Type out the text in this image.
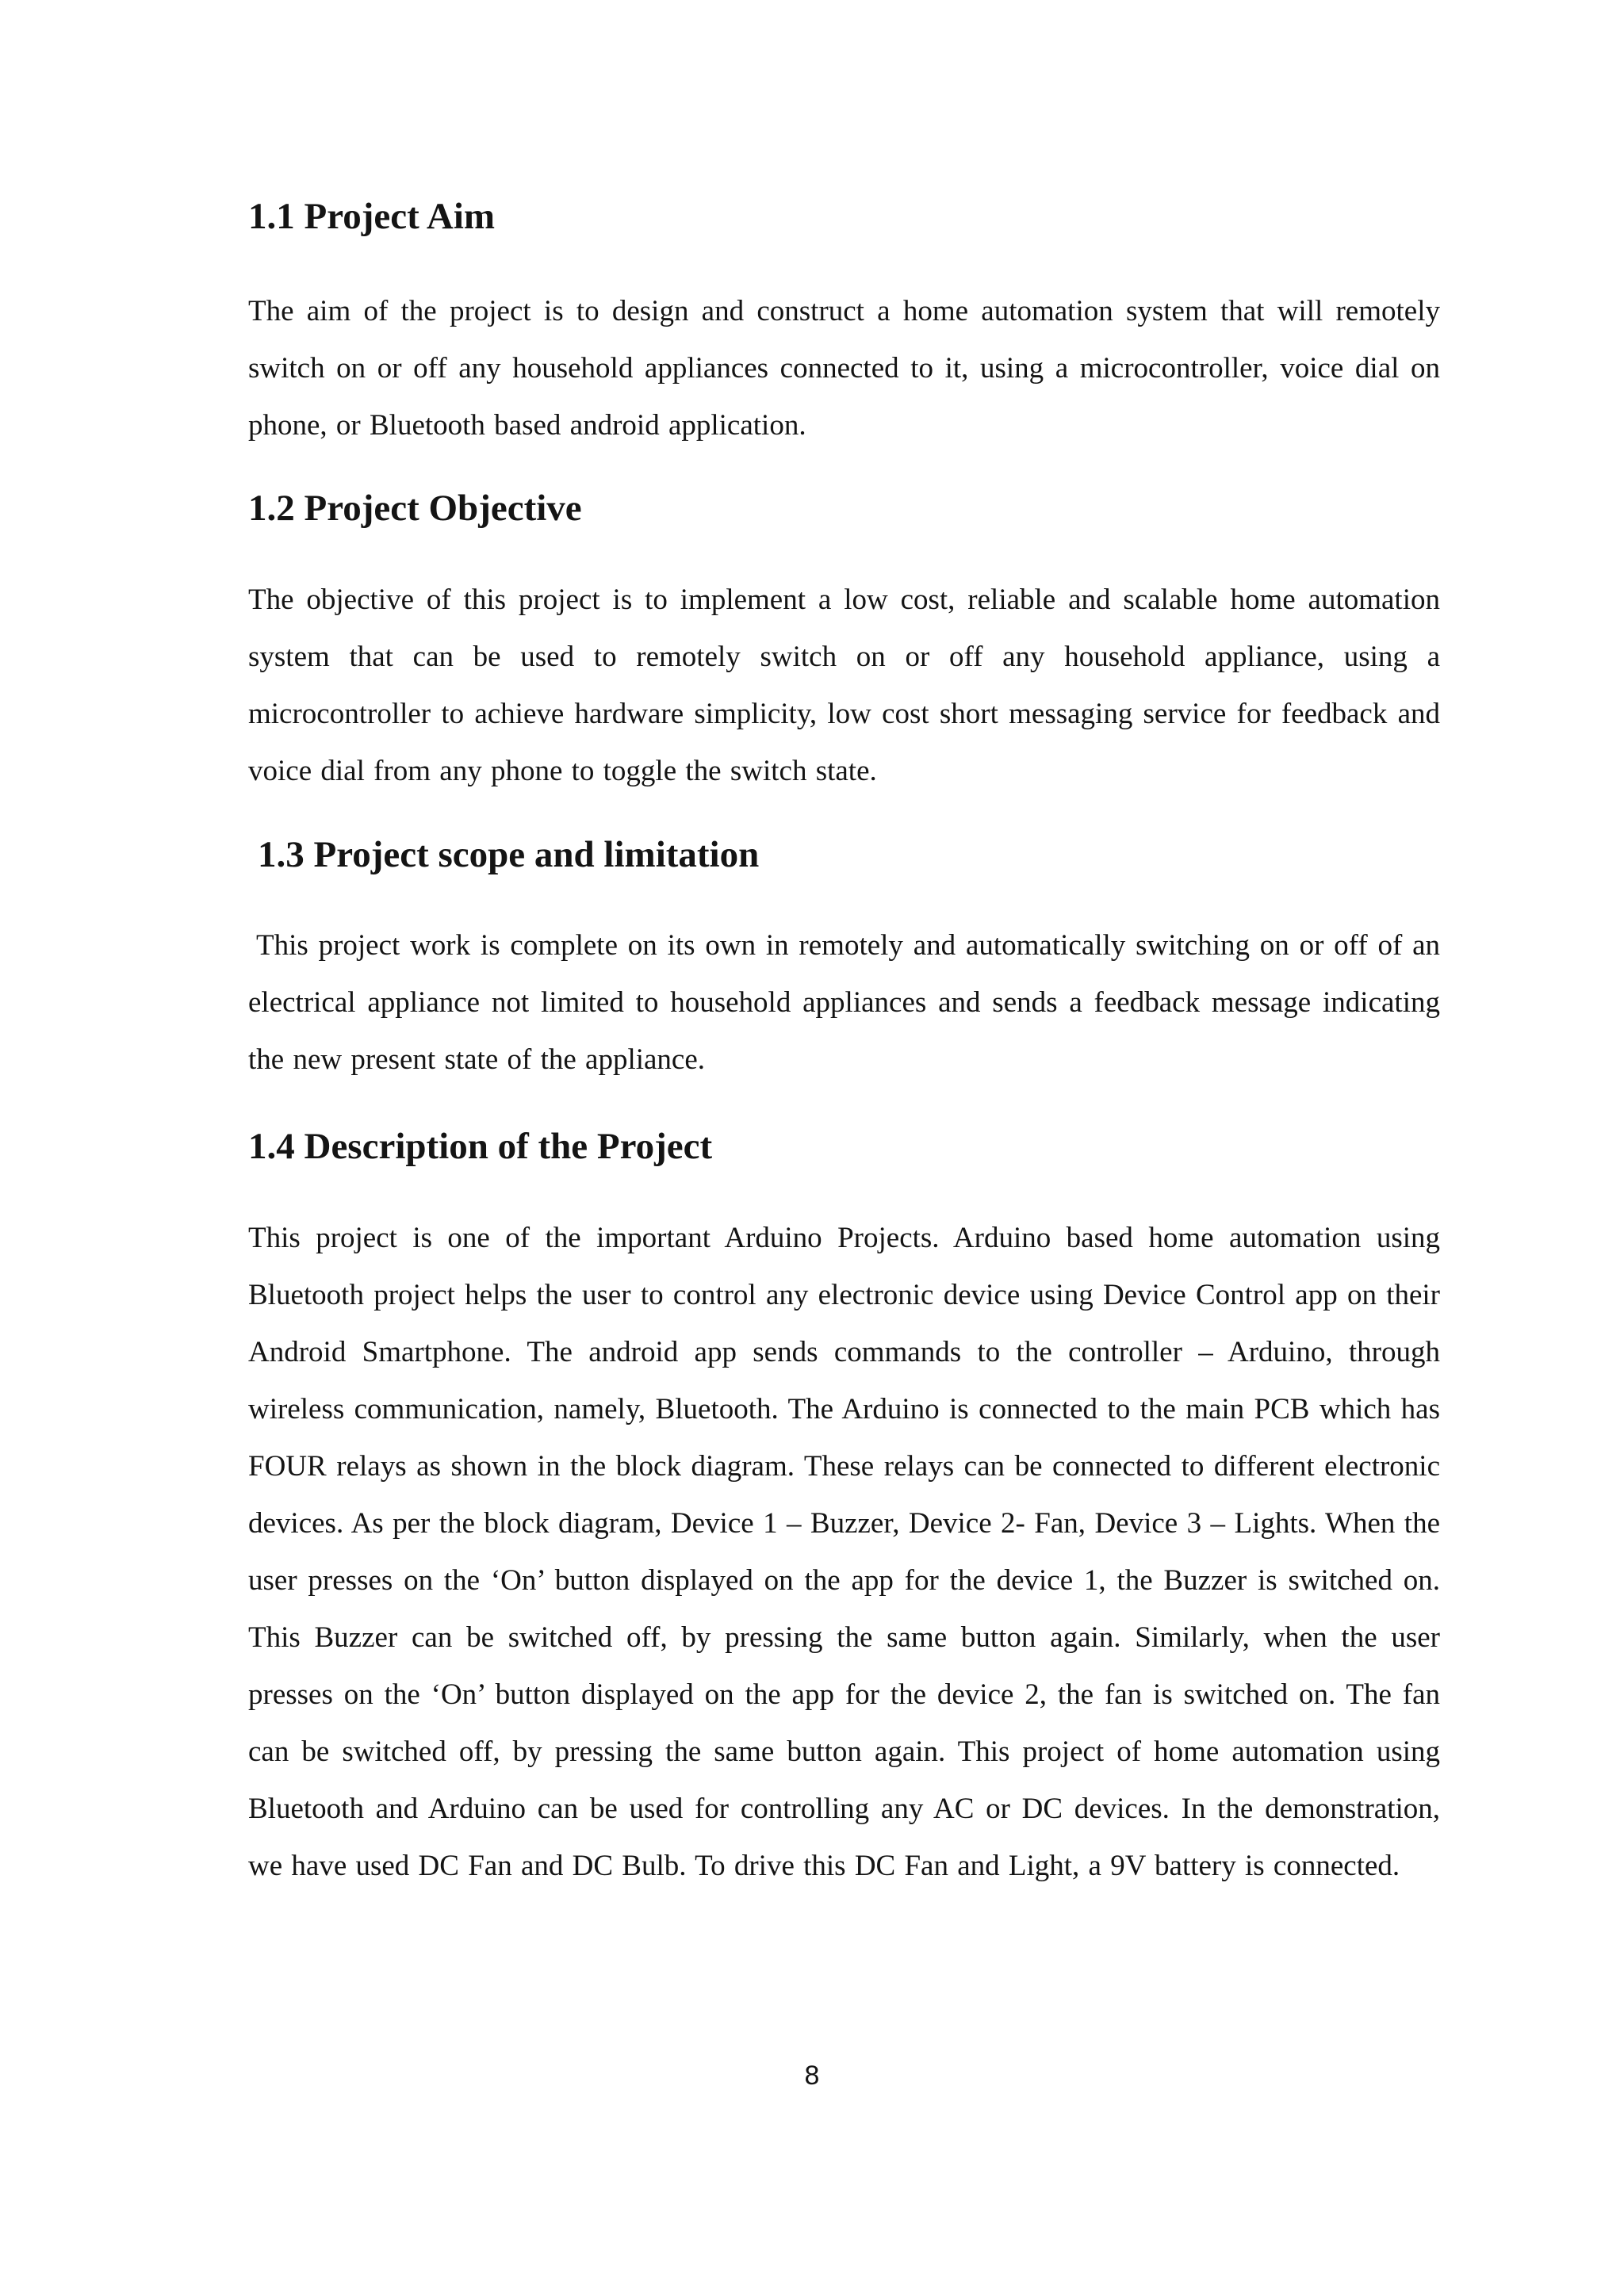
1.1 Project Aim

The aim of the project is to design and construct a home automation system that will remotely switch on or off any household appliances connected to it, using a microcontroller, voice dial on phone, or Bluetooth based android application.

1.2 Project Objective

The objective of this project is to implement a low cost, reliable and scalable home automation system that can be used to remotely switch on or off any household appliance, using a microcontroller to achieve hardware simplicity, low cost short messaging service for feedback and voice dial from any phone to toggle the switch state.

1.3 Project scope and limitation

This project work is complete on its own in remotely and automatically switching on or off of an electrical appliance not limited to household appliances and sends a feedback message indicating the new present state of the appliance.

1.4 Description of the Project

This project is one of the important Arduino Projects. Arduino based home automation using Bluetooth project helps the user to control any electronic device using Device Control app on their Android Smartphone. The android app sends commands to the controller – Arduino, through wireless communication, namely, Bluetooth. The Arduino is connected to the main PCB which has FOUR relays as shown in the block diagram. These relays can be connected to different electronic devices. As per the block diagram, Device 1 – Buzzer, Device 2- Fan, Device 3 – Lights. When the user presses on the ‘On’ button displayed on the app for the device 1, the Buzzer is switched on. This Buzzer can be switched off, by pressing the same button again. Similarly, when the user presses on the ‘On’ button displayed on the app for the device 2, the fan is switched on. The fan can be switched off, by pressing the same button again. This project of home automation using Bluetooth and Arduino can be used for controlling any AC or DC devices. In the demonstration, we have used DC Fan and DC Bulb. To drive this DC Fan and Light, a 9V battery is connected.

8
